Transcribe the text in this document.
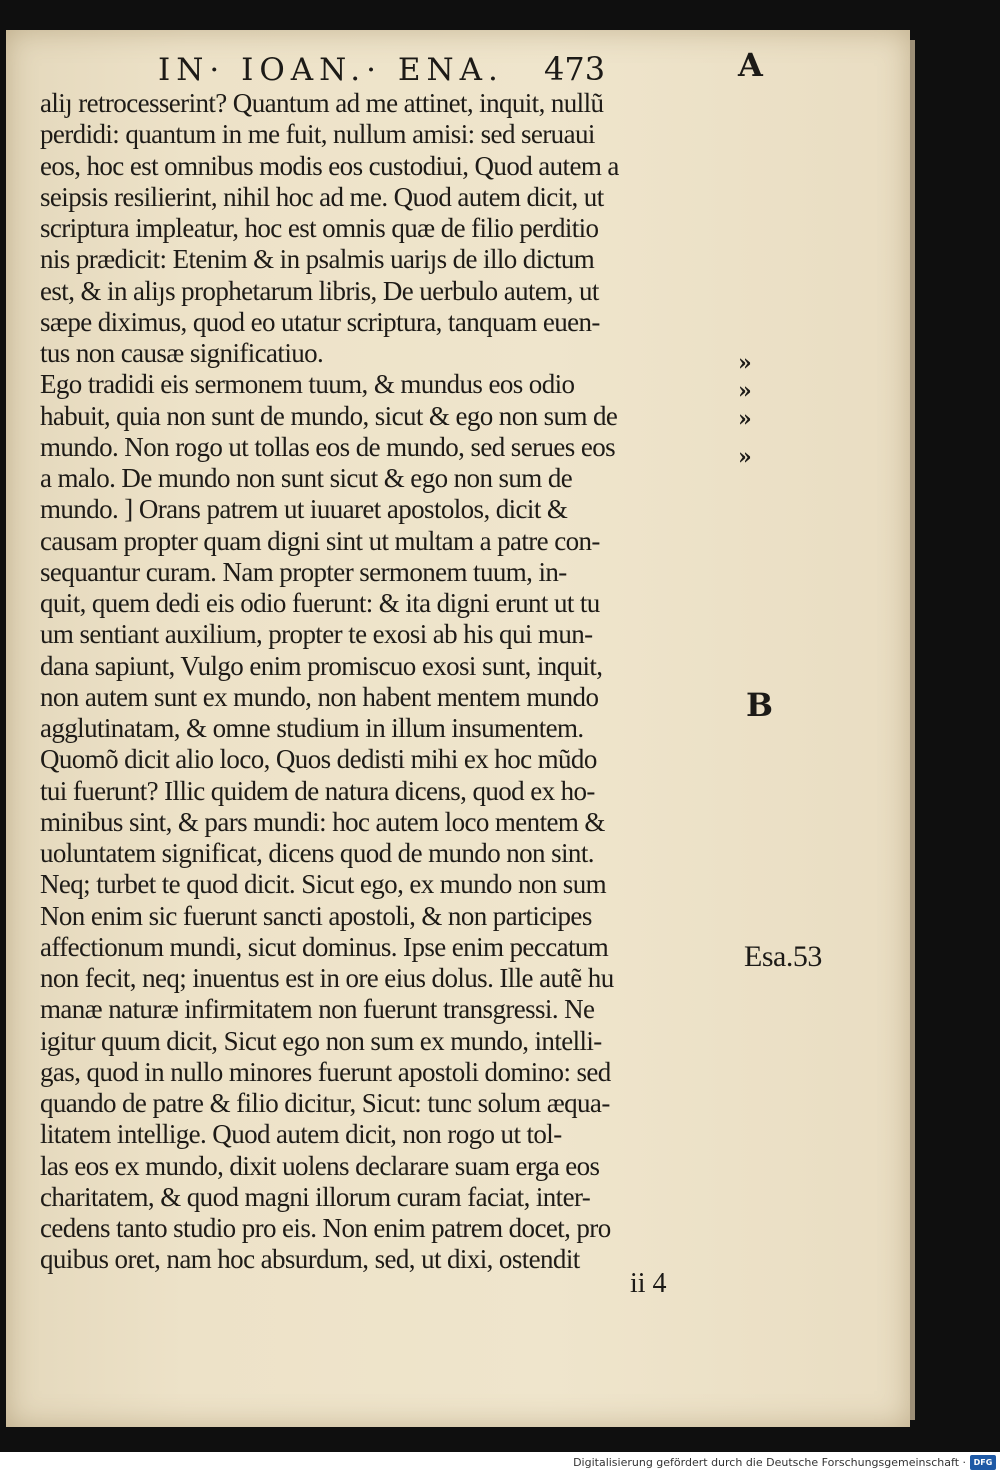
IN· IOAN.· ENA. 473	A
B
»
»
»
»
aliȷ retrocesserint? Quantum ad me attinet, inquit, nullũ
perdidi: quantum in me fuit, nullum amisi: sed seruaui
eos, hoc est omnibus modis eos custodiui, Quod autem a
seipsis resilierint, nihil hoc ad me. Quod autem dicit, ut
scriptura impleatur, hoc est omnis quæ de filio perditio
nis prædicit: Etenim & in psalmis uariȷs de illo dictum
est, & in aliȷs prophetarum libris, De uerbulo autem, ut
sæpe diximus, quod eo utatur scriptura, tanquam euen-
tus non causæ significatiuo.
Ego tradidi eis sermonem tuum, & mundus eos odio
habuit, quia non sunt de mundo, sicut & ego non sum de
mundo. Non rogo ut tollas eos de mundo, sed serues eos
a malo. De mundo non sunt sicut & ego non sum de
mundo. ] Orans patrem ut iuuaret apostolos, dicit &
causam propter quam digni sint ut multam a patre con-
sequantur curam. Nam propter sermonem tuum, in-
quit, quem dedi eis odio fuerunt: & ita digni erunt ut tu
um sentiant auxilium, propter te exosi ab his qui mun-
dana sapiunt, Vulgo enim promiscuo exosi sunt, inquit,
non autem sunt ex mundo, non habent mentem mundo
agglutinatam, & omne studium in illum insumentem.
Quomõ dicit alio loco, Quos dedisti mihi ex hoc mũdo
tui fuerunt? Illic quidem de natura dicens, quod ex ho-
minibus sint, & pars mundi: hoc autem loco mentem &
uoluntatem significat, dicens quod de mundo non sint.
Neq; turbet te quod dicit. Sicut ego, ex mundo non sum
Non enim sic fuerunt sancti apostoli, & non participes
affectionum mundi, sicut dominus. Ipse enim peccatum
non fecit, neq; inuentus est in ore eius dolus. Ille autẽ hu
manæ naturæ infirmitatem non fuerunt transgressi. Ne
igitur quum dicit, Sicut ego non sum ex mundo, intelli-
gas, quod in nullo minores fuerunt apostoli domino: sed
quando de patre & filio dicitur, Sicut: tunc solum æqua-
litatem intellige. Quod autem dicit, non rogo ut tol-
las eos ex mundo, dixit uolens declarare suam erga eos
charitatem, & quod magni illorum curam faciat, inter-
cedens tanto studio pro eis. Non enim patrem docet, pro
quibus oret, nam hoc absurdum, sed, ut dixi, ostendit
Esa.53
ii 4
Digitalisierung gefördert durch die Deutsche Forschungsgemeinschaft · DFG
